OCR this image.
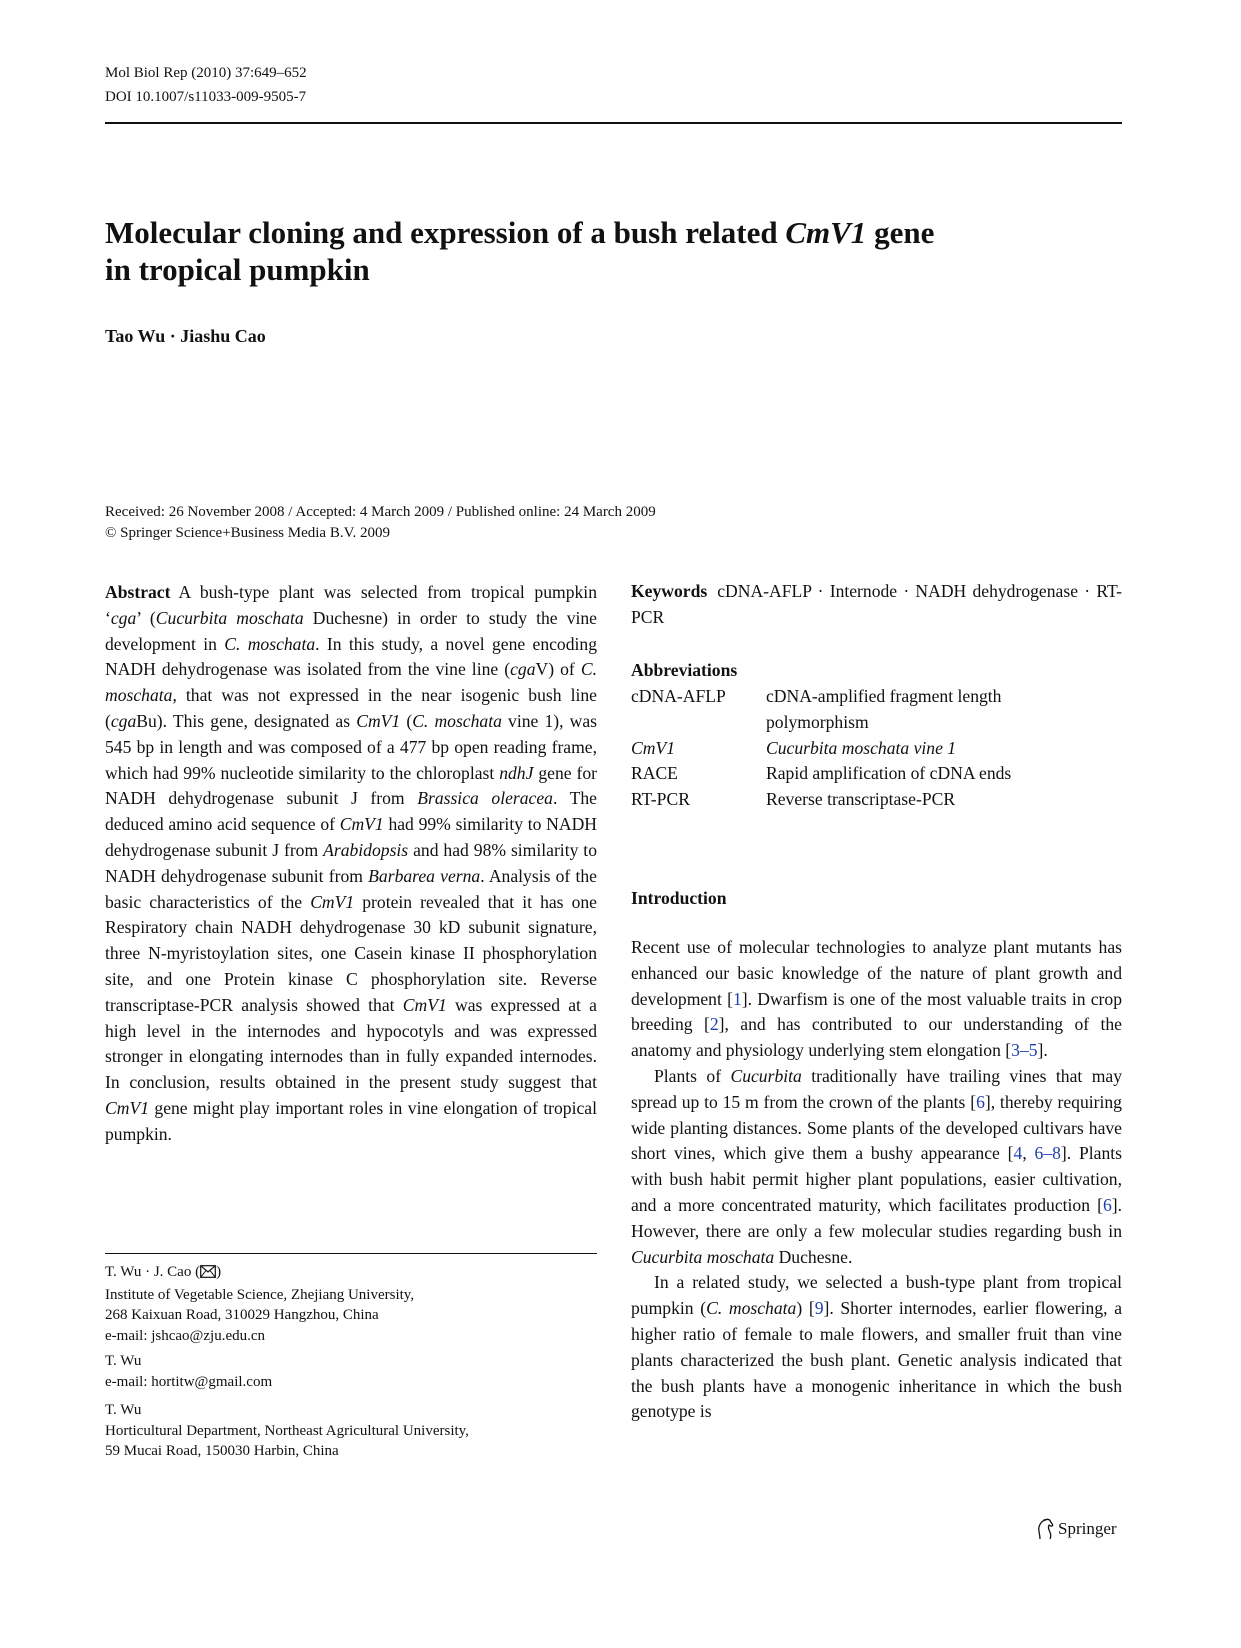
Mol Biol Rep (2010) 37:649–652
DOI 10.1007/s11033-009-9505-7
Molecular cloning and expression of a bush related CmV1 gene
in tropical pumpkin
Tao Wu · Jiashu Cao
Received: 26 November 2008 / Accepted: 4 March 2009 / Published online: 24 March 2009
© Springer Science+Business Media B.V. 2009
Abstract A bush-type plant was selected from tropical pumpkin ‘cga’ (Cucurbita moschata Duchesne) in order to study the vine development in C. moschata. In this study, a novel gene encoding NADH dehydrogenase was isolated from the vine line (cgaV) of C. moschata, that was not expressed in the near isogenic bush line (cgaBu). This gene, designated as CmV1 (C. moschata vine 1), was 545 bp in length and was composed of a 477 bp open reading frame, which had 99% nucleotide similarity to the chloroplast ndhJ gene for NADH dehydrogenase subunit J from Brassica oleracea. The deduced amino acid sequence of CmV1 had 99% similarity to NADH dehydrogenase subunit J from Arabidopsis and had 98% similarity to NADH dehydrogenase subunit from Barbarea verna. Analysis of the basic characteristics of the CmV1 protein revealed that it has one Respiratory chain NADH dehydrogenase 30 kD subunit signature, three N-myristoylation sites, one Casein kinase II phosphorylation site, and one Protein kinase C phosphorylation site. Reverse transcriptase-PCR analysis showed that CmV1 was expressed at a high level in the internodes and hypocotyls and was expressed stronger in elongating internodes than in fully expanded internodes. In conclusion, results obtained in the present study suggest that CmV1 gene might play important roles in vine elongation of tropical pumpkin.
Keywords cDNA-AFLP · Internode · NADH dehydrogenase · RT-PCR
Abbreviations
cDNA-AFLP	cDNA-amplified fragment length polymorphism
CmV1	Cucurbita moschata vine 1
RACE	Rapid amplification of cDNA ends
RT-PCR	Reverse transcriptase-PCR
Introduction

Recent use of molecular technologies to analyze plant mutants has enhanced our basic knowledge of the nature of plant growth and development [1]. Dwarfism is one of the most valuable traits in crop breeding [2], and has contributed to our understanding of the anatomy and physiology underlying stem elongation [3–5].

Plants of Cucurbita traditionally have trailing vines that may spread up to 15 m from the crown of the plants [6], thereby requiring wide planting distances. Some plants of the developed cultivars have short vines, which give them a bushy appearance [4, 6–8]. Plants with bush habit permit higher plant populations, easier cultivation, and a more concentrated maturity, which facilitates production [6]. However, there are only a few molecular studies regarding bush in Cucurbita moschata Duchesne.

In a related study, we selected a bush-type plant from tropical pumpkin (C. moschata) [9]. Shorter internodes, earlier flowering, a higher ratio of female to male flowers, and smaller fruit than vine plants characterized the bush plant. Genetic analysis indicated that the bush plants have a monogenic inheritance in which the bush genotype is

T. Wu · J. Cao ( )
Institute of Vegetable Science, Zhejiang University,
268 Kaixuan Road, 310029 Hangzhou, China
e-mail: jshcao@zju.edu.cn
T. Wu
e-mail: hortitw@gmail.com
T. Wu
Horticultural Department, Northeast Agricultural University,
59 Mucai Road, 150030 Harbin, China
Springer
